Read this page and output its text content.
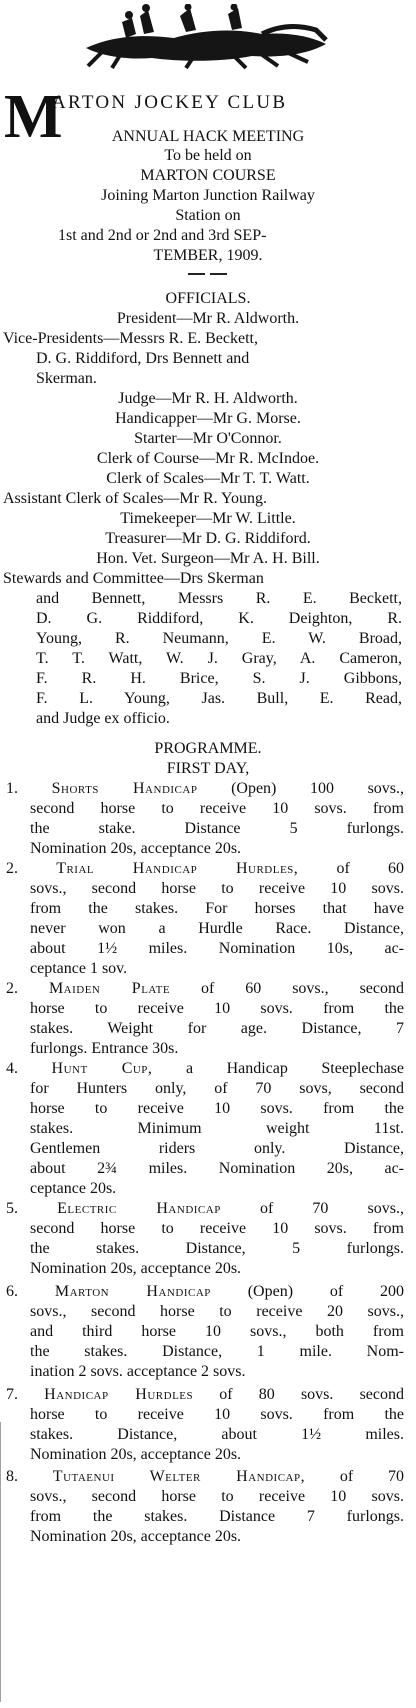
M
ARTON JOCKEY CLUB
ANNUAL HACK MEETING
To be held on
MARTON COURSE
Joining Marton Junction Railway
Station on
1st and 2nd or 2nd and 3rd SEP-
TEMBER, 1909.
OFFICIALS.
President—Mr R. Aldworth.
Vice-Presidents—Messrs R. E. Beckett,
D. G. Riddiford, Drs Bennett and
Skerman.
Judge—Mr R. H. Aldworth.
Handicapper—Mr G. Morse.
Starter—Mr O'Connor.
Clerk of Course—Mr R. McIndoe.
Clerk of Scales—Mr T. T. Watt.
Assistant Clerk of Scales—Mr R. Young.
Timekeeper—Mr W. Little.
Treasurer—Mr D. G. Riddiford.
Hon. Vet. Surgeon—Mr A. H. Bill.
Stewards and Committee—Drs Skerman
and Bennett, Messrs R. E. Beckett,
D. G. Riddiford, K. Deighton, R.
Young, R. Neumann, E. W. Broad,
T. T. Watt, W. J. Gray, A. Cameron,
F. R. H. Brice, S. J. Gibbons,
F. L. Young, Jas. Bull, E. Read,
and Judge ex officio.
PROGRAMME.
FIRST DAY,
1. Shorts Handicap (Open) 100 sovs.,
second horse to receive 10 sovs. from
the stake. Distance 5 furlongs.
Nomination 20s, acceptance 20s.
2. Trial Handicap Hurdles, of 60
sovs., second horse to receive 10 sovs.
from the stakes. For horses that have
never won a Hurdle Race. Distance,
about 1½ miles. Nomination 10s, ac-
ceptance 1 sov.
2. Maiden Plate of 60 sovs., second
horse to receive 10 sovs. from the
stakes. Weight for age. Distance, 7
furlongs. Entrance 30s.
4. Hunt Cup, a Handicap Steeplechase
for Hunters only, of 70 sovs, second
horse to receive 10 sovs. from the
stakes. Minimum weight 11st.
Gentlemen riders only. Distance,
about 2¾ miles. Nomination 20s, ac-
ceptance 20s.
5. Electric Handicap of 70 sovs.,
second horse to receive 10 sovs. from
the stakes. Distance, 5 furlongs.
Nomination 20s, acceptance 20s.
6. Marton Handicap (Open) of 200
sovs., second horse to receive 20 sovs.,
and third horse 10 sovs., both from
the stakes. Distance, 1 mile. Nom-
ination 2 sovs. acceptance 2 sovs.
7. Handicap Hurdles of 80 sovs. second
horse to receive 10 sovs. from the
stakes. Distance, about 1½ miles.
Nomination 20s, acceptance 20s.
8. Tutaenui Welter Handicap, of 70
sovs., second horse to receive 10 sovs.
from the stakes. Distance 7 furlongs.
Nomination 20s, acceptance 20s.
